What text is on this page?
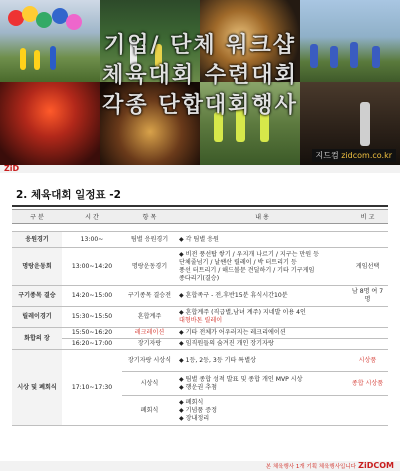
기업/ 단체 워크샵
체육대회 수련대회
각종 단합대회행사
지드컴 zidcom.co.kr
ZiD
2. 체육대회 일정표 -2
구 분	시 간	항 목	내 용	비 고

응원경기	13:00~	팀별 응원경기	◆ 각 팀별 응원	
명랑운동회	13:00~14:20	명랑운동경기	◆ 비전 풍선탑 쌓기 / 우지개 나르기 / 지구는 만원 등
단체줄넘기 / 날쌘산 릴레이 / 박 터트리기 등
풍선 터트리기 / 해드볼문 견딜하기 / 기타 기구게임
종다리기(결승)	게임선택
구기종목 결승	14:20~15:00	구기종목 결승전	◆ 혼합족구 - 전,후반15분 휴식시간10분	남 8명 여 7명
릴레이경기	15:30~15:50	혼합계주	◆ 혼합계주 (직급별,남녀 계주) 지네발 이용 4인
대형바톤 릴레이	

화합의 장	15:50~16:20	레크레이션	◆ 기타 전체가 어우러지는 레크리에이션	
	16:20~17:00	장기자랑	◆ 임직원들의 숨겨진 개인 장기자랑	
시상 및 폐회식	17:10~17:30	장기자랑 시상식	◆ 1등, 2등, 3등 기타 특별상	시상품
		시상식	◆ 팀별 종합 성적 발표 및 종합 개인 MVP 시상
◆ 행운권 추첨	종합 시상품
		폐회식	◆ 폐회식
◆ 기념품 증정
◆ 장내정리	

본 체육행사 1개 기획 체육행사입니다 ZiDCOM
